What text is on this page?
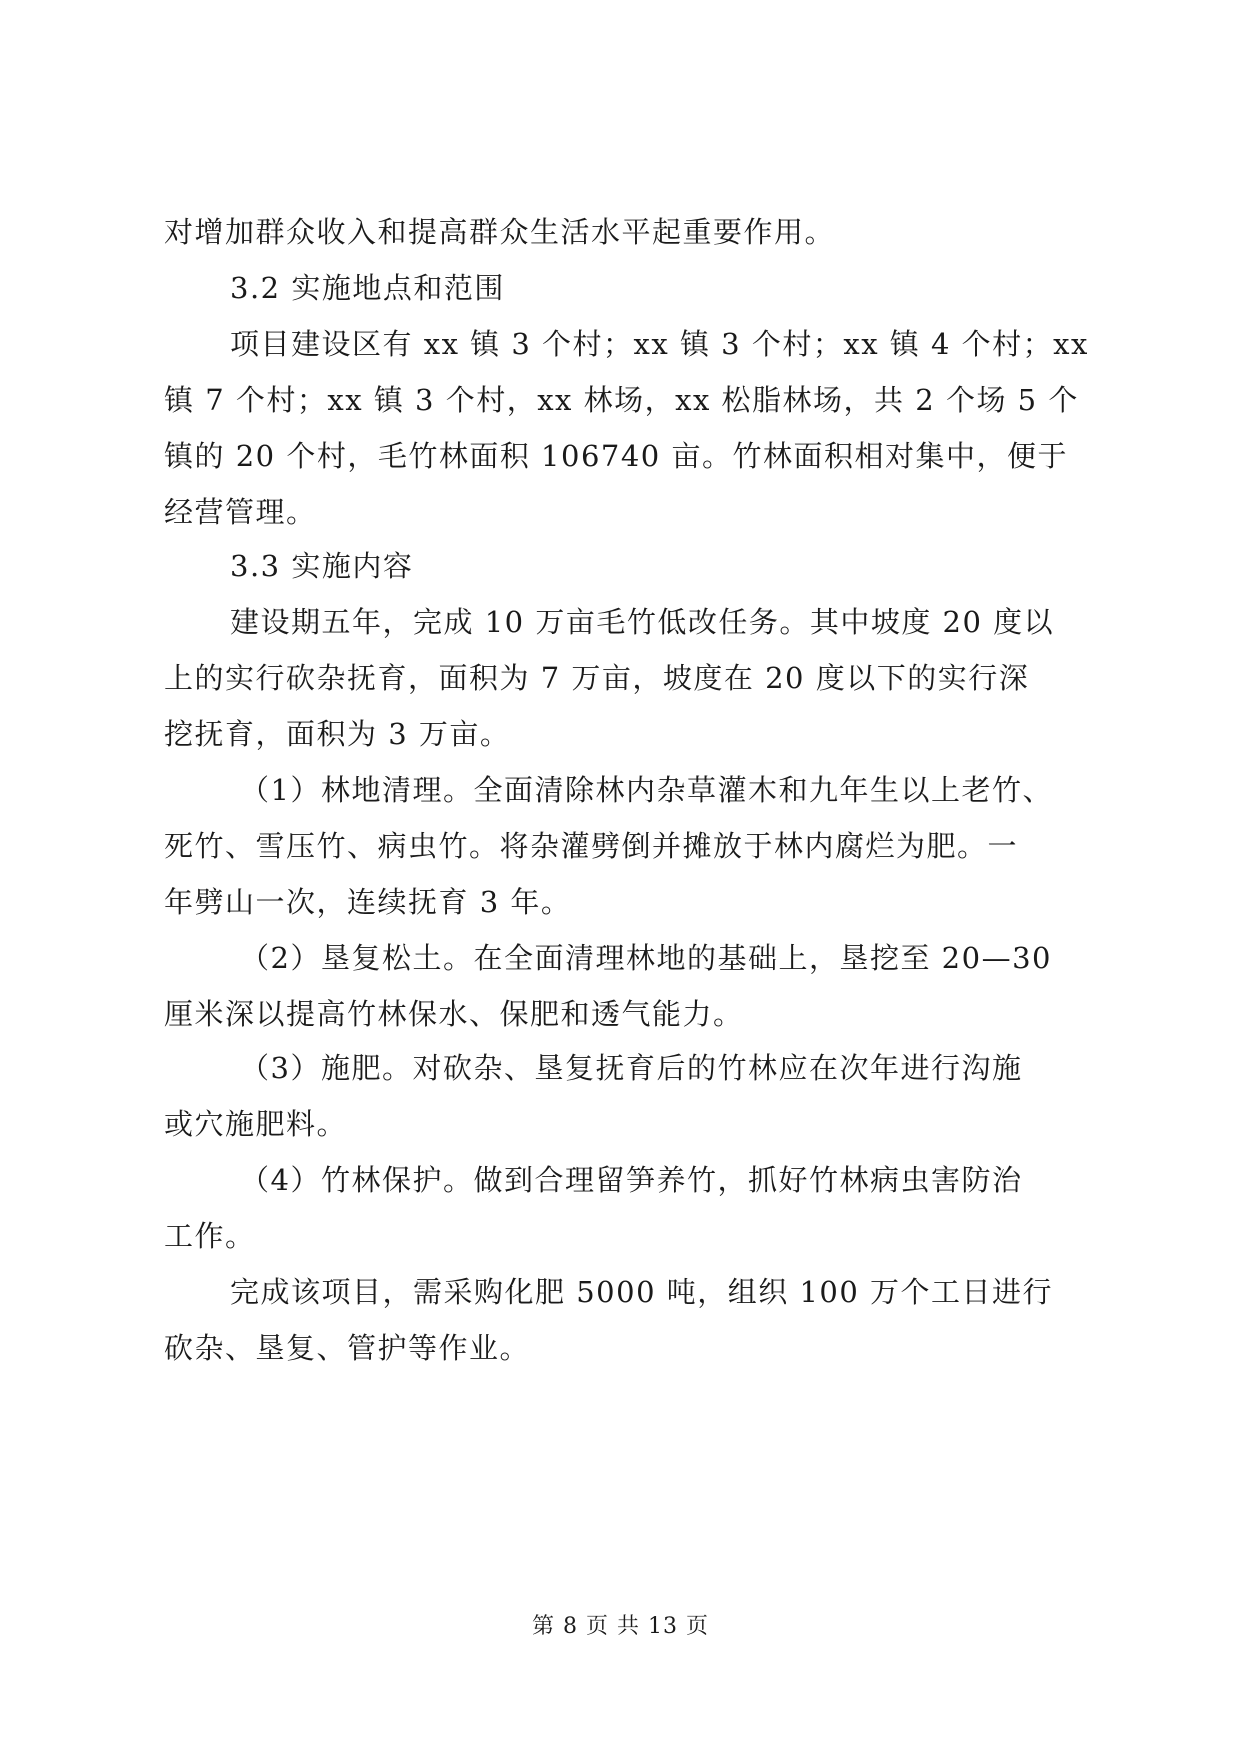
对增加群众收入和提高群众生活水平起重要作用。
3.2 实施地点和范围
项目建设区有 xx 镇 3 个村；xx 镇 3 个村；xx 镇 4 个村；xx
镇 7 个村；xx 镇 3 个村，xx 林场，xx 松脂林场，共 2 个场 5 个
镇的 20 个村，毛竹林面积 106740 亩。竹林面积相对集中，便于
经营管理。
3.3 实施内容
建设期五年，完成 10 万亩毛竹低改任务。其中坡度 20 度以
上的实行砍杂抚育，面积为 7 万亩，坡度在 20 度以下的实行深
挖抚育，面积为 3 万亩。
（1）林地清理。全面清除林内杂草灌木和九年生以上老竹、
死竹、雪压竹、病虫竹。将杂灌劈倒并摊放于林内腐烂为肥。一
年劈山一次，连续抚育 3 年。
（2）垦复松土。在全面清理林地的基础上，垦挖至 20—30
厘米深以提高竹林保水、保肥和透气能力。
（3）施肥。对砍杂、垦复抚育后的竹林应在次年进行沟施
或穴施肥料。
（4）竹林保护。做到合理留笋养竹，抓好竹林病虫害防治
工作。
完成该项目，需采购化肥 5000 吨，组织 100 万个工日进行
砍杂、垦复、管护等作业。
第 8 页 共 13 页
